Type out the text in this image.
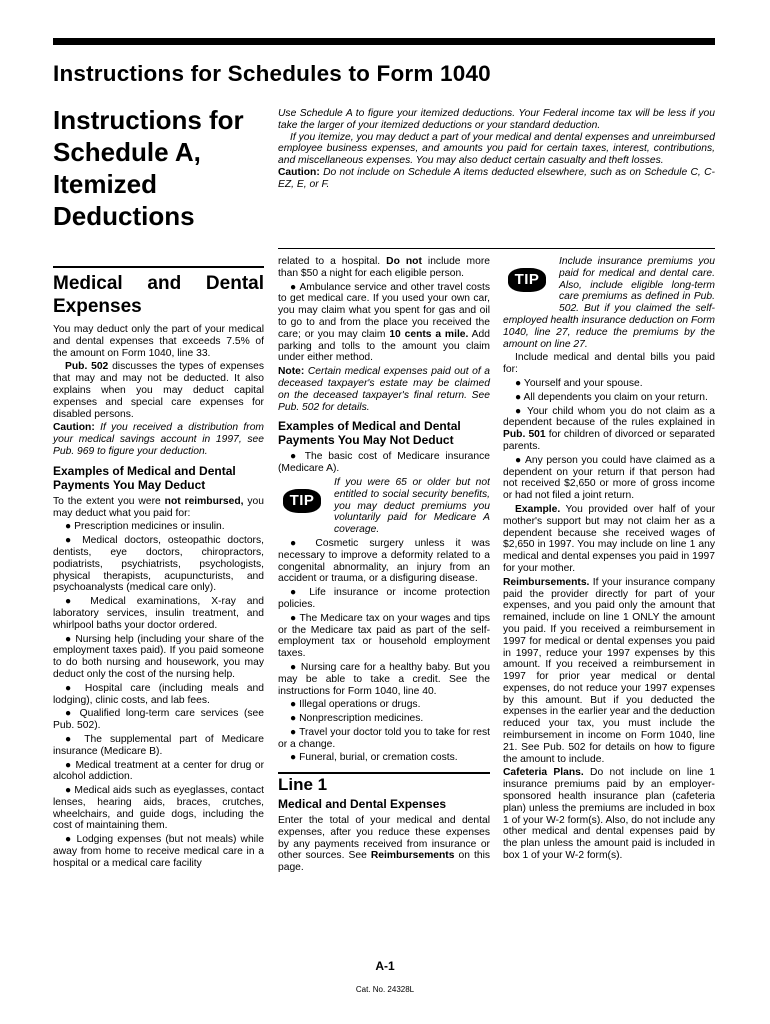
Instructions for Schedules to Form 1040
Instructions for Schedule A, Itemized Deductions

Use Schedule A to figure your itemized deductions. Your Federal income tax will be less if you take the larger of your itemized deductions or your standard deduction.

If you itemize, you may deduct a part of your medical and dental expenses and unreimbursed employee business expenses, and amounts you paid for certain taxes, interest, contributions, and miscellaneous expenses. You may also deduct certain casualty and theft losses.

Caution: Do not include on Schedule A items deducted elsewhere, such as on Schedule C, C-EZ, E, or F.

Medical and Dental Expenses

You may deduct only the part of your medical and dental expenses that exceeds 7.5% of the amount on Form 1040, line 33.

Pub. 502 discusses the types of expenses that may and may not be deducted. It also explains when you may deduct capital expenses and special care expenses for disabled persons.

Caution: If you received a distribution from your medical savings account in 1997, see Pub. 969 to figure your deduction.

Examples of Medical and Dental Payments You May Deduct

To the extent you were not reimbursed, you may deduct what you paid for:

● Prescription medicines or insulin.

● Medical doctors, osteopathic doctors, dentists, eye doctors, chiropractors, podiatrists, psychiatrists, psychologists, physical therapists, acupuncturists, and psychoanalysts (medical care only).

● Medical examinations, X-ray and laboratory services, insulin treatment, and whirlpool baths your doctor ordered.

● Nursing help (including your share of the employment taxes paid). If you paid someone to do both nursing and housework, you may deduct only the cost of the nursing help.

● Hospital care (including meals and lodging), clinic costs, and lab fees.

● Qualified long-term care services (see Pub. 502).

● The supplemental part of Medicare insurance (Medicare B).

● Medical treatment at a center for drug or alcohol addiction.

● Medical aids such as eyeglasses, contact lenses, hearing aids, braces, crutches, wheelchairs, and guide dogs, including the cost of maintaining them.

● Lodging expenses (but not meals) while away from home to receive medical care in a hospital or a medical care facility

related to a hospital. Do not include more than $50 a night for each eligible person.

● Ambulance service and other travel costs to get medical care. If you used your own car, you may claim what you spent for gas and oil to go to and from the place you received the care; or you may claim 10 cents a mile. Add parking and tolls to the amount you claim under either method.

Note: Certain medical expenses paid out of a deceased taxpayer's estate may be claimed on the deceased taxpayer's final return. See Pub. 502 for details.

Examples of Medical and Dental Payments You May Not Deduct

● The basic cost of Medicare insurance (Medicare A).

TIP

If you were 65 or older but not entitled to social security benefits, you may deduct premiums you voluntarily paid for Medicare A coverage.

● Cosmetic surgery unless it was necessary to improve a deformity related to a congenital abnormality, an injury from an accident or trauma, or a disfiguring disease.

● Life insurance or income protection policies.

● The Medicare tax on your wages and tips or the Medicare tax paid as part of the self-employment tax or household employment taxes.

● Nursing care for a healthy baby. But you may be able to take a credit. See the instructions for Form 1040, line 40.

● Illegal operations or drugs.

● Nonprescription medicines.

● Travel your doctor told you to take for rest or a change.

● Funeral, burial, or cremation costs.

Line 1
Medical and Dental Expenses

Enter the total of your medical and dental expenses, after you reduce these expenses by any payments received from insurance or other sources. See Reimbursements on this page.

TIP

Include insurance premiums you paid for medical and dental care. Also, include eligible long-term care premiums as defined in Pub. 502. But if you claimed the self-employed health insurance deduction on Form 1040, line 27, reduce the premiums by the amount on line 27.

Include medical and dental bills you paid for:

● Yourself and your spouse.

● All dependents you claim on your return.

● Your child whom you do not claim as a dependent because of the rules explained in Pub. 501 for children of divorced or separated parents.

● Any person you could have claimed as a dependent on your return if that person had not received $2,650 or more of gross income or had not filed a joint return.

Example. You provided over half of your mother's support but may not claim her as a dependent because she received wages of $2,650 in 1997. You may include on line 1 any medical and dental expenses you paid in 1997 for your mother.

Reimbursements. If your insurance company paid the provider directly for part of your expenses, and you paid only the amount that remained, include on line 1 ONLY the amount you paid. If you received a reimbursement in 1997 for medical or dental expenses you paid in 1997, reduce your 1997 expenses by this amount. If you received a reimbursement in 1997 for prior year medical or dental expenses, do not reduce your 1997 expenses by this amount. But if you deducted the expenses in the earlier year and the deduction reduced your tax, you must include the reimbursement in income on Form 1040, line 21. See Pub. 502 for details on how to figure the amount to include.

Cafeteria Plans. Do not include on line 1 insurance premiums paid by an employer-sponsored health insurance plan (cafeteria plan) unless the premiums are included in box 1 of your W-2 form(s). Also, do not include any other medical and dental expenses paid by the plan unless the amount paid is included in box 1 of your W-2 form(s).

A-1
Cat. No. 24328L
